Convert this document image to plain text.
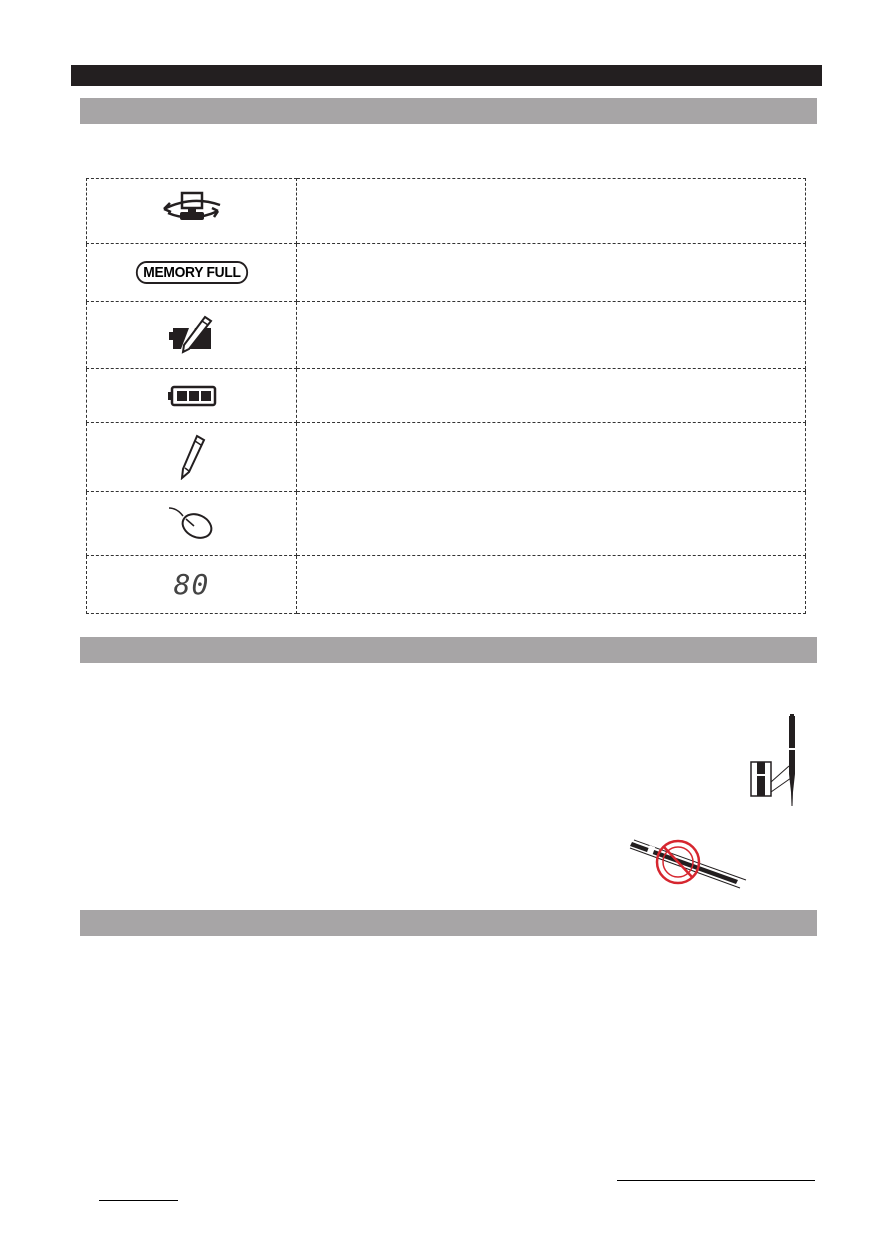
MEMORY FULL	

80	
